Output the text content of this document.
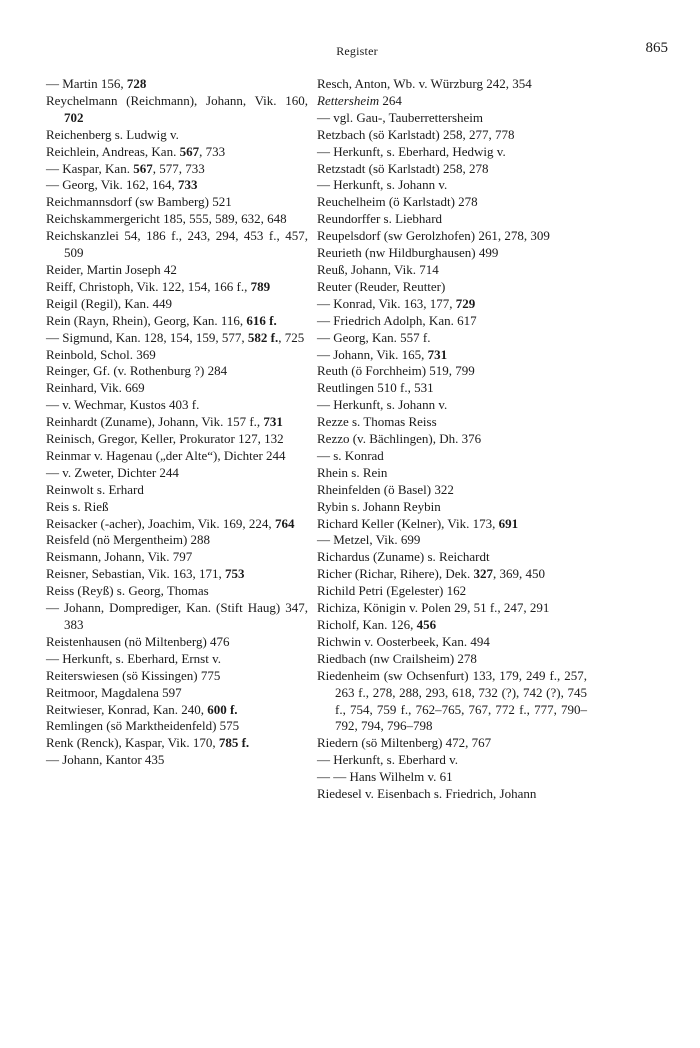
Register	865
— Martin 156, 728
Reychelmann (Reichmann), Johann, Vik. 160, 702
Reichenberg s. Ludwig v.
Reichlein, Andreas, Kan. 567, 733
— Kaspar, Kan. 567, 577, 733
— Georg, Vik. 162, 164, 733
Reichmannsdorf (sw Bamberg) 521
Reichskammergericht 185, 555, 589, 632, 648
Reichskanzlei 54, 186 f., 243, 294, 453 f., 457, 509
Reider, Martin Joseph 42
Reiff, Christoph, Vik. 122, 154, 166 f., 789
Reigil (Regil), Kan. 449
Rein (Rayn, Rhein), Georg, Kan. 116, 616 f.
— Sigmund, Kan. 128, 154, 159, 577, 582 f., 725
Reinbold, Schol. 369
Reinger, Gf. (v. Rothenburg ?) 284
Reinhard, Vik. 669
— v. Wechmar, Kustos 403 f.
Reinhardt (Zuname), Johann, Vik. 157 f., 731
Reinisch, Gregor, Keller, Prokurator 127, 132
Reinmar v. Hagenau („der Alte“), Dichter 244
— v. Zweter, Dichter 244
Reinwolt s. Erhard
Reis s. Rieß
Reisacker (-acher), Joachim, Vik. 169, 224, 764
Reisfeld (nö Mergentheim) 288
Reismann, Johann, Vik. 797
Reisner, Sebastian, Vik. 163, 171, 753
Reiss (Reyß) s. Georg, Thomas
— Johann, Domprediger, Kan. (Stift Haug) 347, 383
Reistenhausen (nö Miltenberg) 476
— Herkunft, s. Eberhard, Ernst v.
Reiterswiesen (sö Kissingen) 775
Reitmoor, Magdalena 597
Reitwieser, Konrad, Kan. 240, 600 f.
Remlingen (sö Marktheidenfeld) 575
Renk (Renck), Kaspar, Vik. 170, 785 f.
— Johann, Kantor 435
Resch, Anton, Wb. v. Würzburg 242, 354
Rettersheim 264
— vgl. Gau-, Tauberrettersheim
Retzbach (sö Karlstadt) 258, 277, 778
— Herkunft, s. Eberhard, Hedwig v.
Retzstadt (sö Karlstadt) 258, 278
— Herkunft, s. Johann v.
Reuchelheim (ö Karlstadt) 278
Reundorffer s. Liebhard
Reupelsdorf (sw Gerolzhofen) 261, 278, 309
Reurieth (nw Hildburghausen) 499
Reuß, Johann, Vik. 714
Reuter (Reuder, Reutter)
— Konrad, Vik. 163, 177, 729
— Friedrich Adolph, Kan. 617
— Georg, Kan. 557 f.
— Johann, Vik. 165, 731
Reuth (ö Forchheim) 519, 799
Reutlingen 510 f., 531
— Herkunft, s. Johann v.
Rezze s. Thomas Reiss
Rezzo (v. Bächlingen), Dh. 376
— s. Konrad
Rhein s. Rein
Rheinfelden (ö Basel) 322
Rybin s. Johann Reybin
Richard Keller (Kelner), Vik. 173, 691
— Metzel, Vik. 699
Richardus (Zuname) s. Reichardt
Richer (Richar, Rihere), Dek. 327, 369, 450
Richild Petri (Egelester) 162
Richiza, Königin v. Polen 29, 51 f., 247, 291
Richolf, Kan. 126, 456
Richwin v. Oosterbeek, Kan. 494
Riedbach (nw Crailsheim) 278
Riedenheim (sw Ochsenfurt) 133, 179, 249 f., 257, 263 f., 278, 288, 293, 618, 732 (?), 742 (?), 745 f., 754, 759 f., 762–765, 767, 772 f., 777, 790–792, 794, 796–798
Riedern (sö Miltenberg) 472, 767
— Herkunft, s. Eberhard v.
— — Hans Wilhelm v. 61
Riedesel v. Eisenbach s. Friedrich, Johann
